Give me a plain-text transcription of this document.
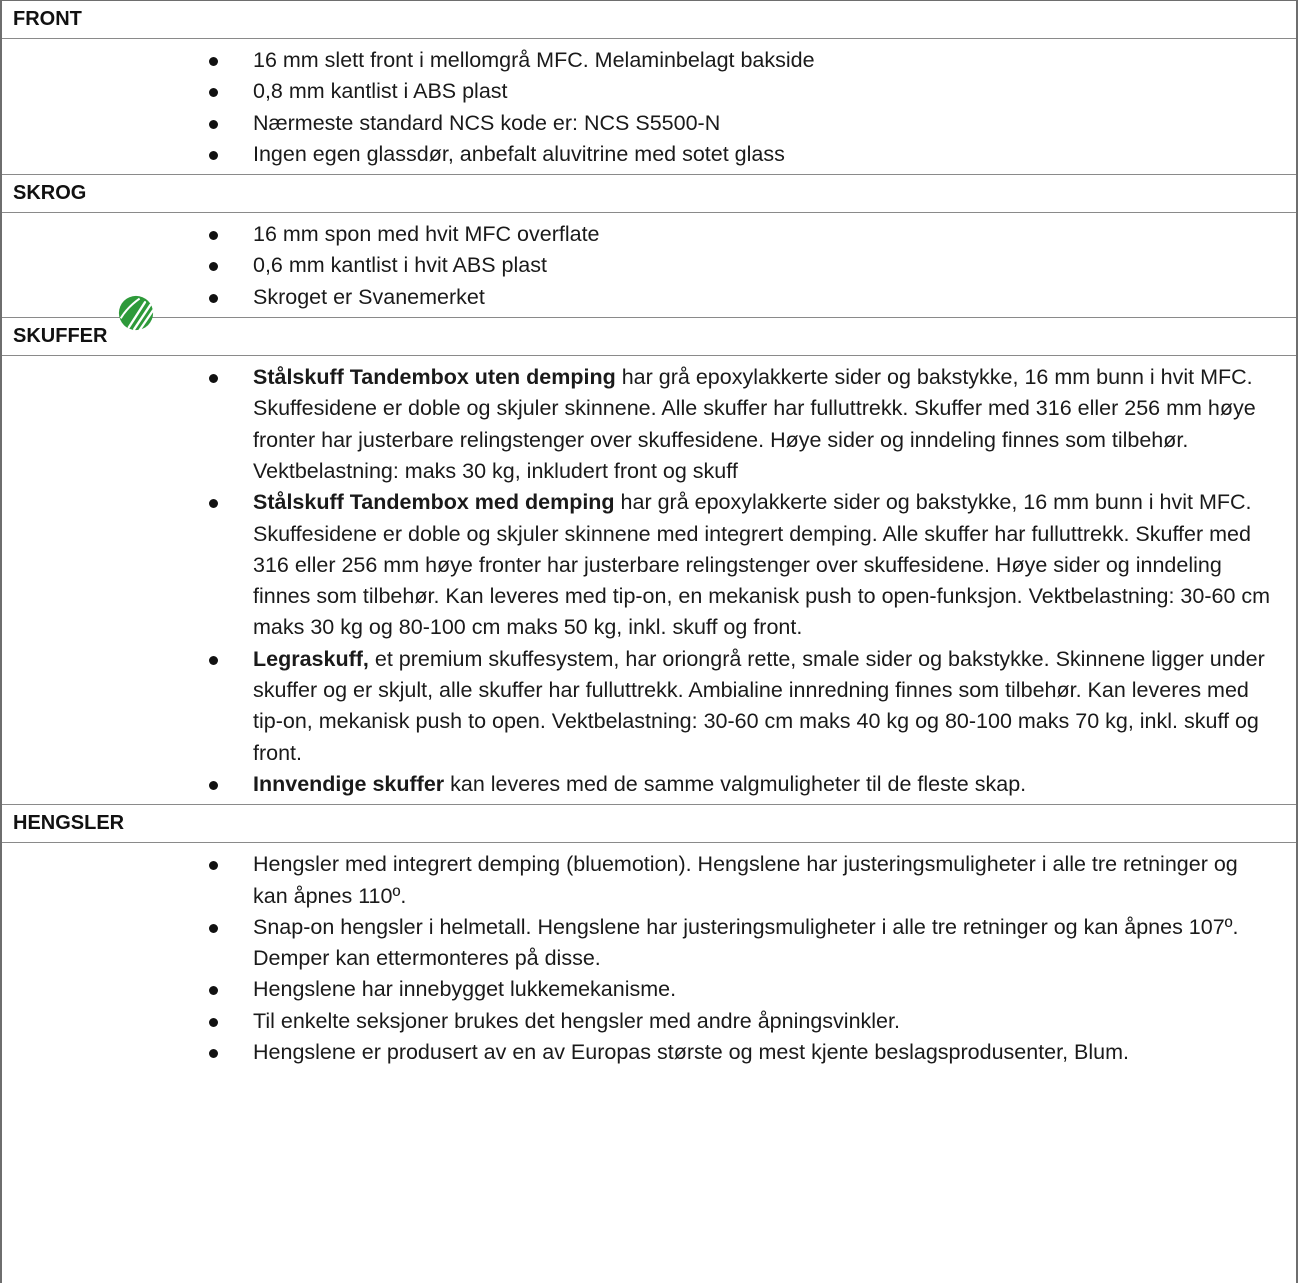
FRONT
16 mm slett front i mellomgrå MFC. Melaminbelagt bakside
0,8 mm kantlist i ABS plast
Nærmeste standard NCS kode er: NCS S5500-N
Ingen egen glassdør, anbefalt aluvitrine med sotet glass
SKROG
16 mm spon med hvit MFC overflate
0,6 mm kantlist i hvit ABS plast
Skroget er Svanemerket
SKUFFER
Stålskuff Tandembox uten demping har grå epoxylakkerte sider og bakstykke, 16 mm bunn i hvit MFC. Skuffesidene er doble og skjuler skinnene. Alle skuffer har fulluttrekk. Skuffer med 316 eller 256 mm høye fronter har justerbare relingstenger over skuffesidene. Høye sider og inndeling finnes som tilbehør. Vektbelastning: maks 30 kg, inkludert front og skuff
Stålskuff Tandembox med demping har grå epoxylakkerte sider og bakstykke, 16 mm bunn i hvit MFC. Skuffesidene er doble og skjuler skinnene med integrert demping. Alle skuffer har fulluttrekk. Skuffer med 316 eller 256 mm høye fronter har justerbare relingstenger over skuffesidene. Høye sider og inndeling finnes som tilbehør. Kan leveres med tip-on, en mekanisk push to open-funksjon. Vektbelastning: 30-60 cm maks 30 kg og 80-100 cm maks 50 kg, inkl. skuff og front.
Legraskuff, et premium skuffesystem, har oriongrå rette, smale sider og bakstykke. Skinnene ligger under skuffer og er skjult, alle skuffer har fulluttrekk. Ambialine innredning finnes som tilbehør. Kan leveres med tip-on, mekanisk push to open. Vektbelastning: 30-60 cm maks 40 kg og 80-100 maks 70 kg, inkl. skuff og front.
Innvendige skuffer kan leveres med de samme valgmuligheter til de fleste skap.
HENGSLER
Hengsler med integrert demping (bluemotion). Hengslene har justeringsmuligheter i alle tre retninger og kan åpnes 110º.
Snap-on hengsler i helmetall. Hengslene har justeringsmuligheter i alle tre retninger og kan åpnes 107º. Demper kan ettermonteres på disse.
Hengslene har innebygget lukkemekanisme.
Til enkelte seksjoner brukes det hengsler med andre åpningsvinkler.
Hengslene er produsert av en av Europas største og mest kjente beslagsprodusenter, Blum.
